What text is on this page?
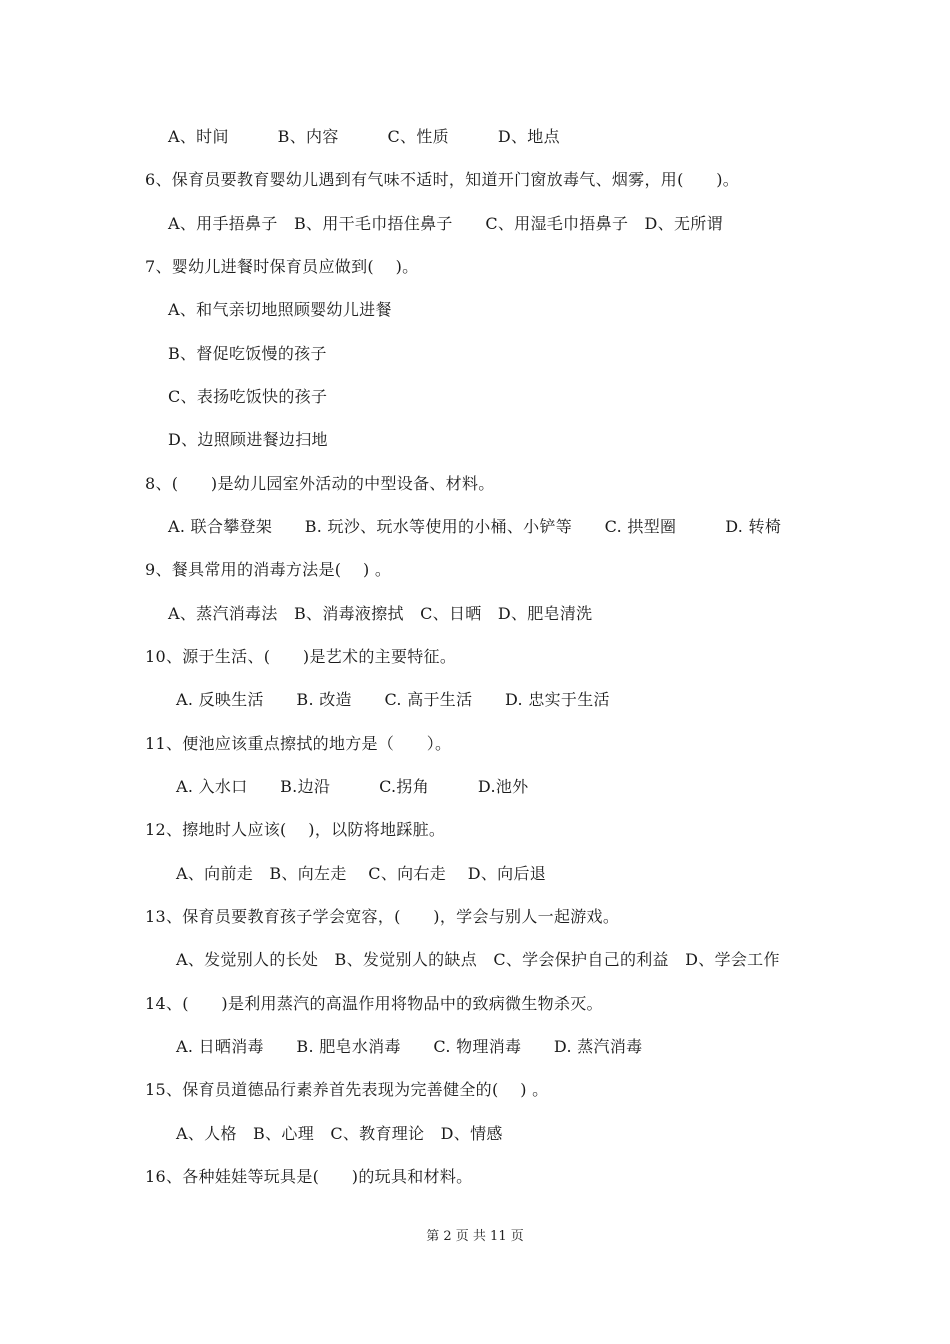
A、时间　　　B、内容　　　C、性质　　　D、地点
6、保育员要教育婴幼儿遇到有气味不适时，知道开门窗放毒气、烟雾，用(　　)。
A、用手捂鼻子　B、用干毛巾捂住鼻子　　C、用湿毛巾捂鼻子　D、无所谓
7、婴幼儿进餐时保育员应做到(　 )。
A、和气亲切地照顾婴幼儿进餐
B、督促吃饭慢的孩子
C、表扬吃饭快的孩子
D、边照顾进餐边扫地
8、(　　)是幼儿园室外活动的中型设备、材料。
A. 联合攀登架　　B. 玩沙、玩水等使用的小桶、小铲等　　C. 拱型圈　　　D. 转椅
9、餐具常用的消毒方法是(　 ) 。
A、蒸汽消毒法　B、消毒液擦拭　C、日晒　D、肥皂清洗
10、源于生活、(　　)是艺术的主要特征。
A. 反映生活　　B. 改造　　C. 高于生活　　D. 忠实于生活
11、便池应该重点擦拭的地方是（　　）。
A. 入水口　　B.边沿　　　C.拐角　　　D.池外
12、擦地时人应该(　 )，以防将地踩脏。
A、向前走　B、向左走　 C、向右走　 D、向后退
13、保育员要教育孩子学会宽容，(　　)，学会与别人一起游戏。
A、发觉别人的长处　B、发觉别人的缺点　C、学会保护自己的利益　D、学会工作
14、(　　)是利用蒸汽的高温作用将物品中的致病微生物杀灭。
A. 日晒消毒　　B. 肥皂水消毒　　C. 物理消毒　　D. 蒸汽消毒
15、保育员道德品行素养首先表现为完善健全的(　 ) 。
A、人格　B、心理　C、教育理论　D、情感
16、各种娃娃等玩具是(　　)的玩具和材料。
第 2 页 共 11 页
